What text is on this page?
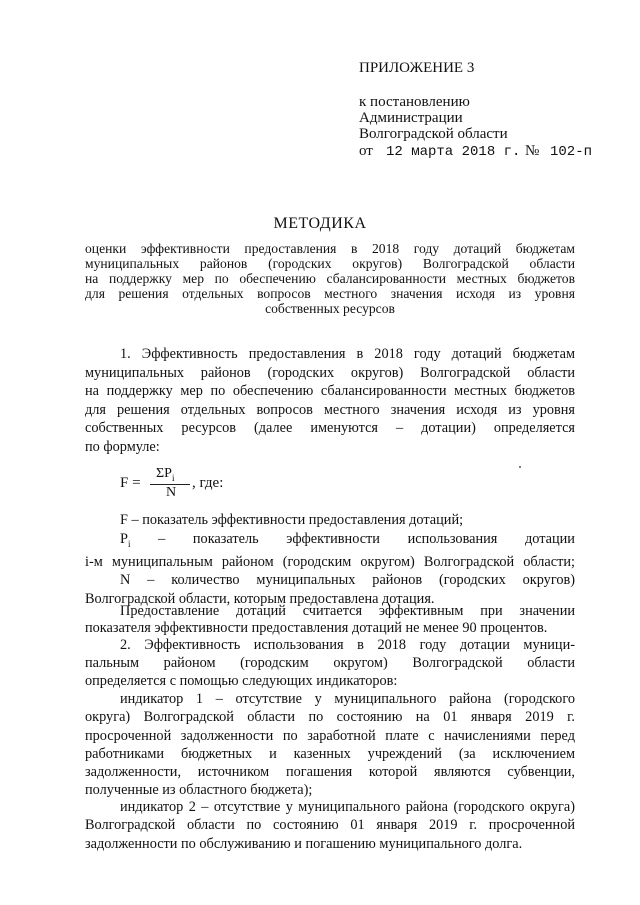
ПРИЛОЖЕНИЕ 3
к постановлению
Администрации
Волгоградской области
от 12 марта 2018 г. № 102-п
МЕТОДИКА
оценки эффективности предоставления в 2018 году дотаций бюджетам
муниципальных районов (городских округов) Волгоградской области
на поддержку мер по обеспечению сбалансированности местных бюджетов
для решения отдельных вопросов местного значения исходя из уровня
собственных ресурсов
1. Эффективность предоставления в 2018 году дотаций бюджетам
муниципальных районов (городских округов) Волгоградской области
на поддержку мер по обеспечению сбалансированности местных бюджетов
для решения отдельных вопросов местного значения исходя из уровня
собственных ресурсов (далее именуются – дотации) определяется
по формуле:
F =
$\Sigma P_i$
N
, где:
F – показатель эффективности предоставления дотаций;
$P_i$ – показатель эффективности использования дотации
i-м муниципальным районом (городским округом) Волгоградской области;
N – количество муниципальных районов (городских округов)
Волгоградской области, которым предоставлена дотация.
Предоставление дотаций считается эффективным при значении
показателя эффективности предоставления дотаций не менее 90 процентов.
2. Эффективность использования в 2018 году дотации муници-
пальным районом (городским округом) Волгоградской области
определяется с помощью следующих индикаторов:
индикатор 1 – отсутствие у муниципального района (городского
округа) Волгоградской области по состоянию на 01 января 2019 г.
просроченной задолженности по заработной плате с начислениями перед
работниками бюджетных и казенных учреждений (за исключением
задолженности, источником погашения которой являются субвенции,
полученные из областного бюджета);
индикатор 2 – отсутствие у муниципального района (городского округа)
Волгоградской области по состоянию 01 января 2019 г. просроченной
задолженности по обслуживанию и погашению муниципального долга.
